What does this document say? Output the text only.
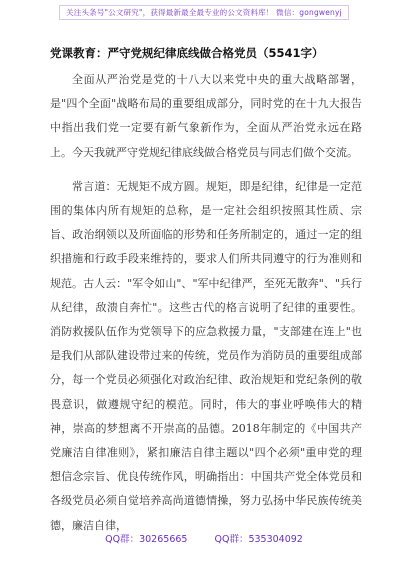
关注头条号"公文研究"，获得最新最全最专业的公文资料库！ 微信：gongwenyj
党课教育：严守党规纪律底线做合格党员（5541字）

全面从严治党是党的十八大以来党中央的重大战略部署，是"四个全面"战略布局的重要组成部分，同时党的在十九大报告中指出我们党一定要有新气象新作为，全面从严治党永远在路上。今天我就严守党规纪律底线做合格党员与同志们做个交流。

常言道：无规矩不成方圆。规矩，即是纪律，纪律是一定范围的集体内所有规矩的总称，是一定社会组织按照其性质、宗旨、政治纲领以及所面临的形势和任务所制定的，通过一定的组织措施和行政手段来维持的，要求人们所共同遵守的行为准则和规范。古人云："军令如山"、"军中纪律严，至死无散奔"、"兵行从纪律，敌溃自奔忙"。这些古代的格言说明了纪律的重要性。消防救援队伍作为党领导下的应急救援力量，"支部建在连上"也是我们从部队建设带过来的传统，党员作为消防员的重要组成部分，每一个党员必须强化对政治纪律、政治规矩和党纪条例的敬畏意识，做遵规守纪的模范。同时，伟大的事业呼唤伟大的精神，崇高的梦想离不开崇高的品德。2018年制定的《中国共产党廉洁自律准则》，紧扣廉洁自律主题以"四个必须"重申党的理想信念宗旨、优良传统作风，明确指出：中国共产党全体党员和各级党员必须自觉培养高尚道德情操，努力弘扬中华民族传统美德，廉洁自律，

QQ群：30265665	QQ群：535304092
